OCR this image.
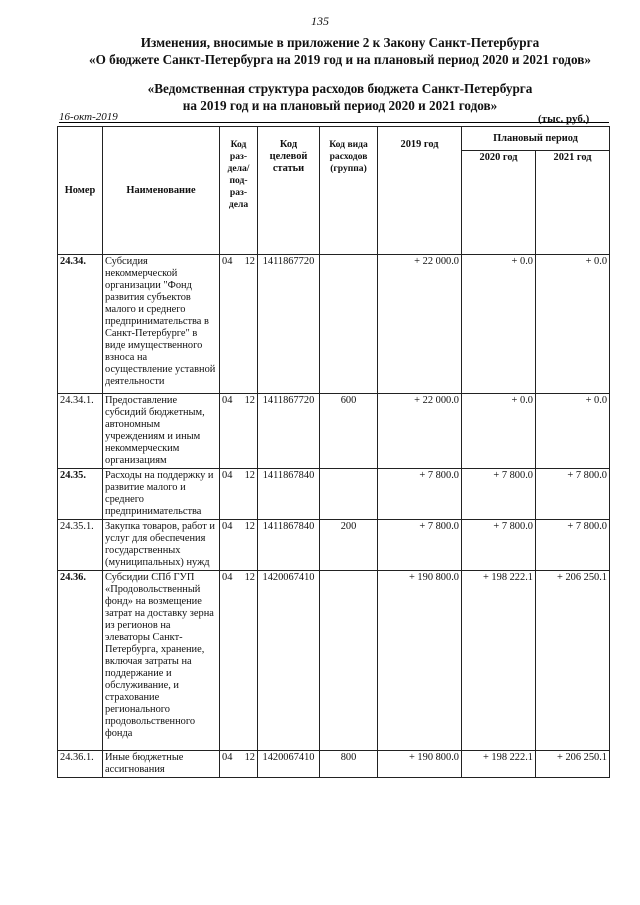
135
Изменения, вносимые в приложение 2 к Закону Санкт-Петербурга
«О бюджете Санкт-Петербурга на 2019 год и на плановый период 2020 и 2021 годов»
«Ведомственная структура расходов бюджета Санкт-Петербурга
на 2019 год и на плановый период 2020 и 2021 годов»
16-окт-2019	(тыс. руб.)
Номер	Наименование	Код раз-дела/ под-раз-дела	Код целевой статьи	Код вида расходов (группа)	2019 год	Плановый период	
						2020 год	2021 год
24.34.	Субсидия некоммерческой организации "Фонд развития субъектов малого и среднего предпринимательства в Санкт-Петербурге" в виде имущественного взноса на осуществление уставной деятельности	04 12	1411867720		+ 22 000.0	+ 0.0	+ 0.0
24.34.1.	Предоставление субсидий бюджетным, автономным учреждениям и иным некоммерческим организациям	04 12	1411867720	600	+ 22 000.0	+ 0.0	+ 0.0
24.35.	Расходы на поддержку и развитие малого и среднего предпринимательства	04 12	1411867840		+ 7 800.0	+ 7 800.0	+ 7 800.0
24.35.1.	Закупка товаров, работ и услуг для обеспечения государственных (муниципальных) нужд	04 12	1411867840	200	+ 7 800.0	+ 7 800.0	+ 7 800.0
24.36.	Субсидии СПб ГУП «Продовольственный фонд» на возмещение затрат на доставку зерна из регионов на элеваторы Санкт-Петербурга, хранение, включая затраты на поддержание и обслуживание, и страхование регионального продовольственного фонда	04 12	1420067410		+ 190 800.0	+ 198 222.1	+ 206 250.1
24.36.1.	Иные бюджетные ассигнования	04 12	1420067410	800	+ 190 800.0	+ 198 222.1	+ 206 250.1
